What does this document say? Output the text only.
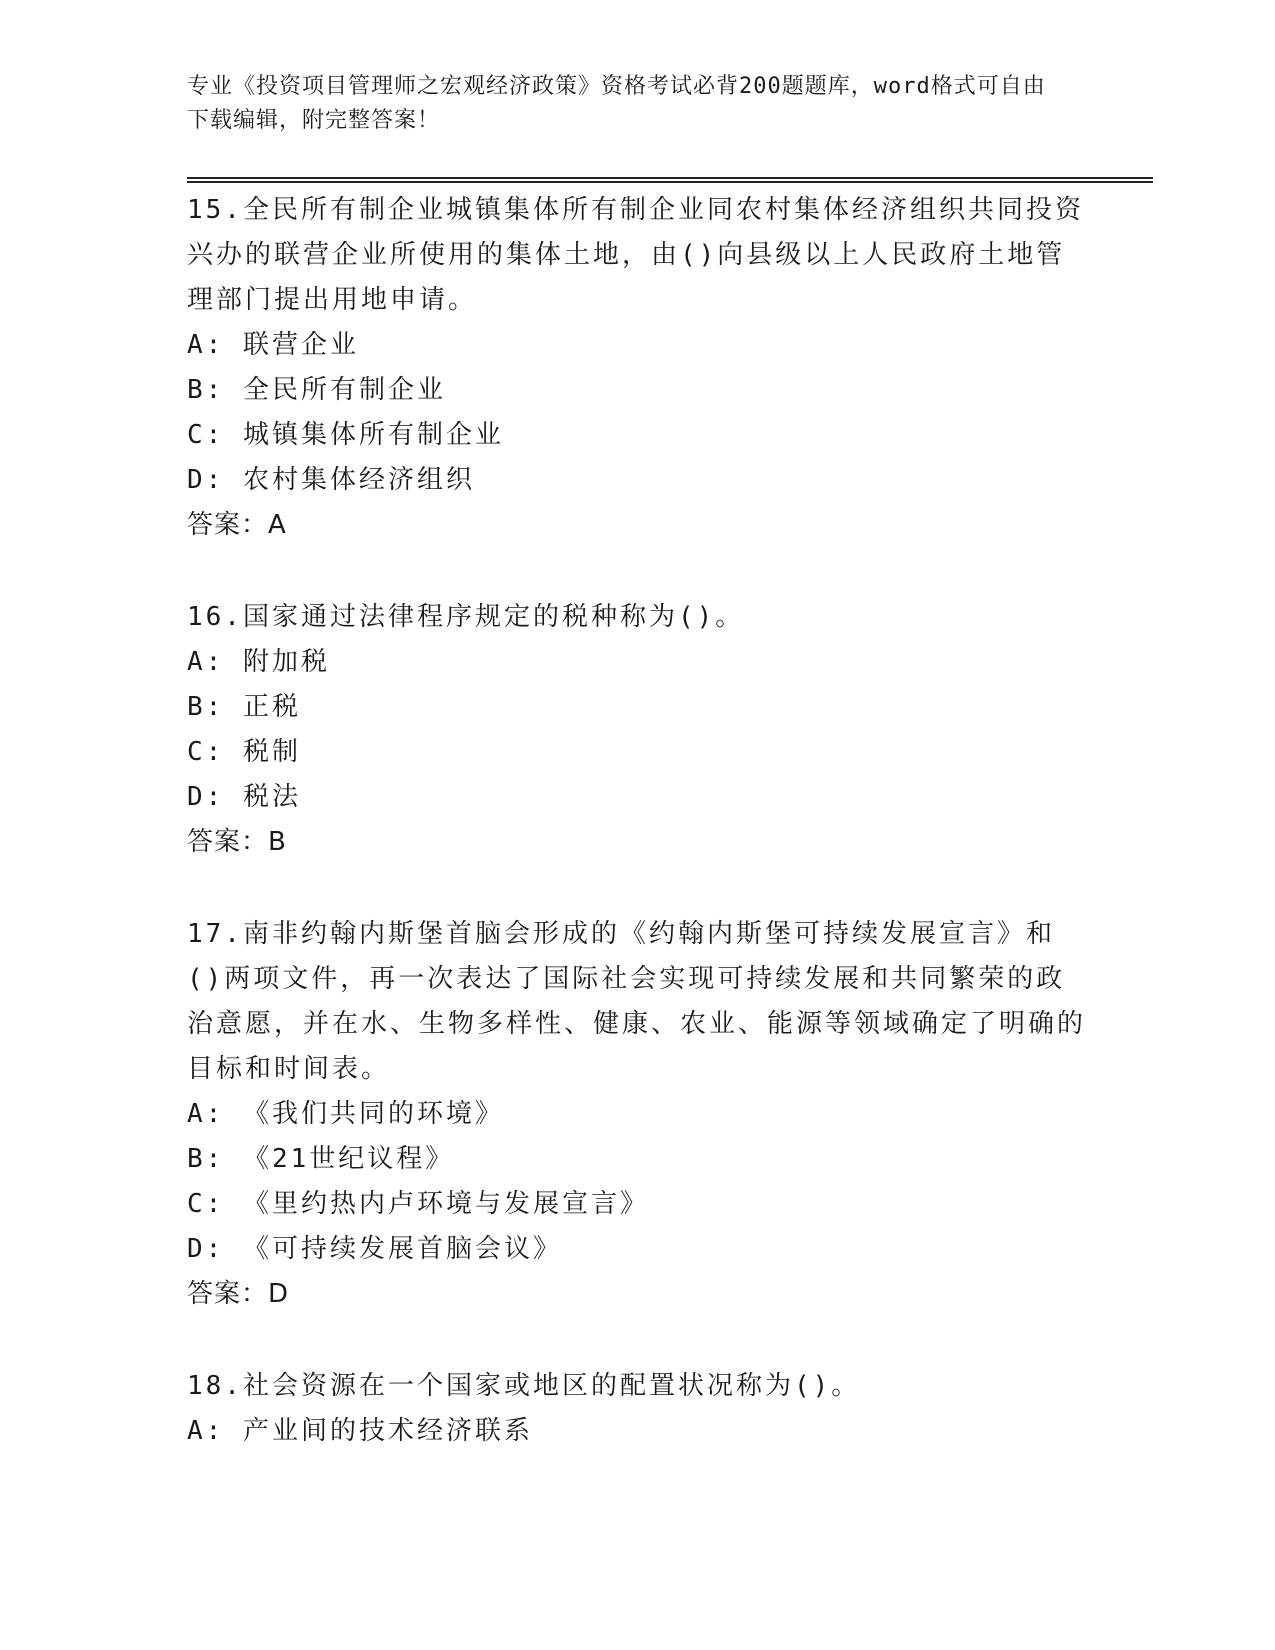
专业《投资项目管理师之宏观经济政策》资格考试必背200题题库，word格式可自由下载编辑，附完整答案！

15.全民所有制企业城镇集体所有制企业同农村集体经济组织共同投资兴办的联营企业所使用的集体土地，由()向县级以上人民政府土地管理部门提出用地申请。

A: 联营企业

B: 全民所有制企业

C: 城镇集体所有制企业

D: 农村集体经济组织

答案：A

16.国家通过法律程序规定的税种称为()。

A: 附加税

B: 正税

C: 税制

D: 税法

答案：B

17.南非约翰内斯堡首脑会形成的《约翰内斯堡可持续发展宣言》和()两项文件，再一次表达了国际社会实现可持续发展和共同繁荣的政治意愿，并在水、生物多样性、健康、农业、能源等领域确定了明确的目标和时间表。

A: 《我们共同的环境》

B: 《21世纪议程》

C: 《里约热内卢环境与发展宣言》

D: 《可持续发展首脑会议》

答案：D

18.社会资源在一个国家或地区的配置状况称为()。

A: 产业间的技术经济联系
